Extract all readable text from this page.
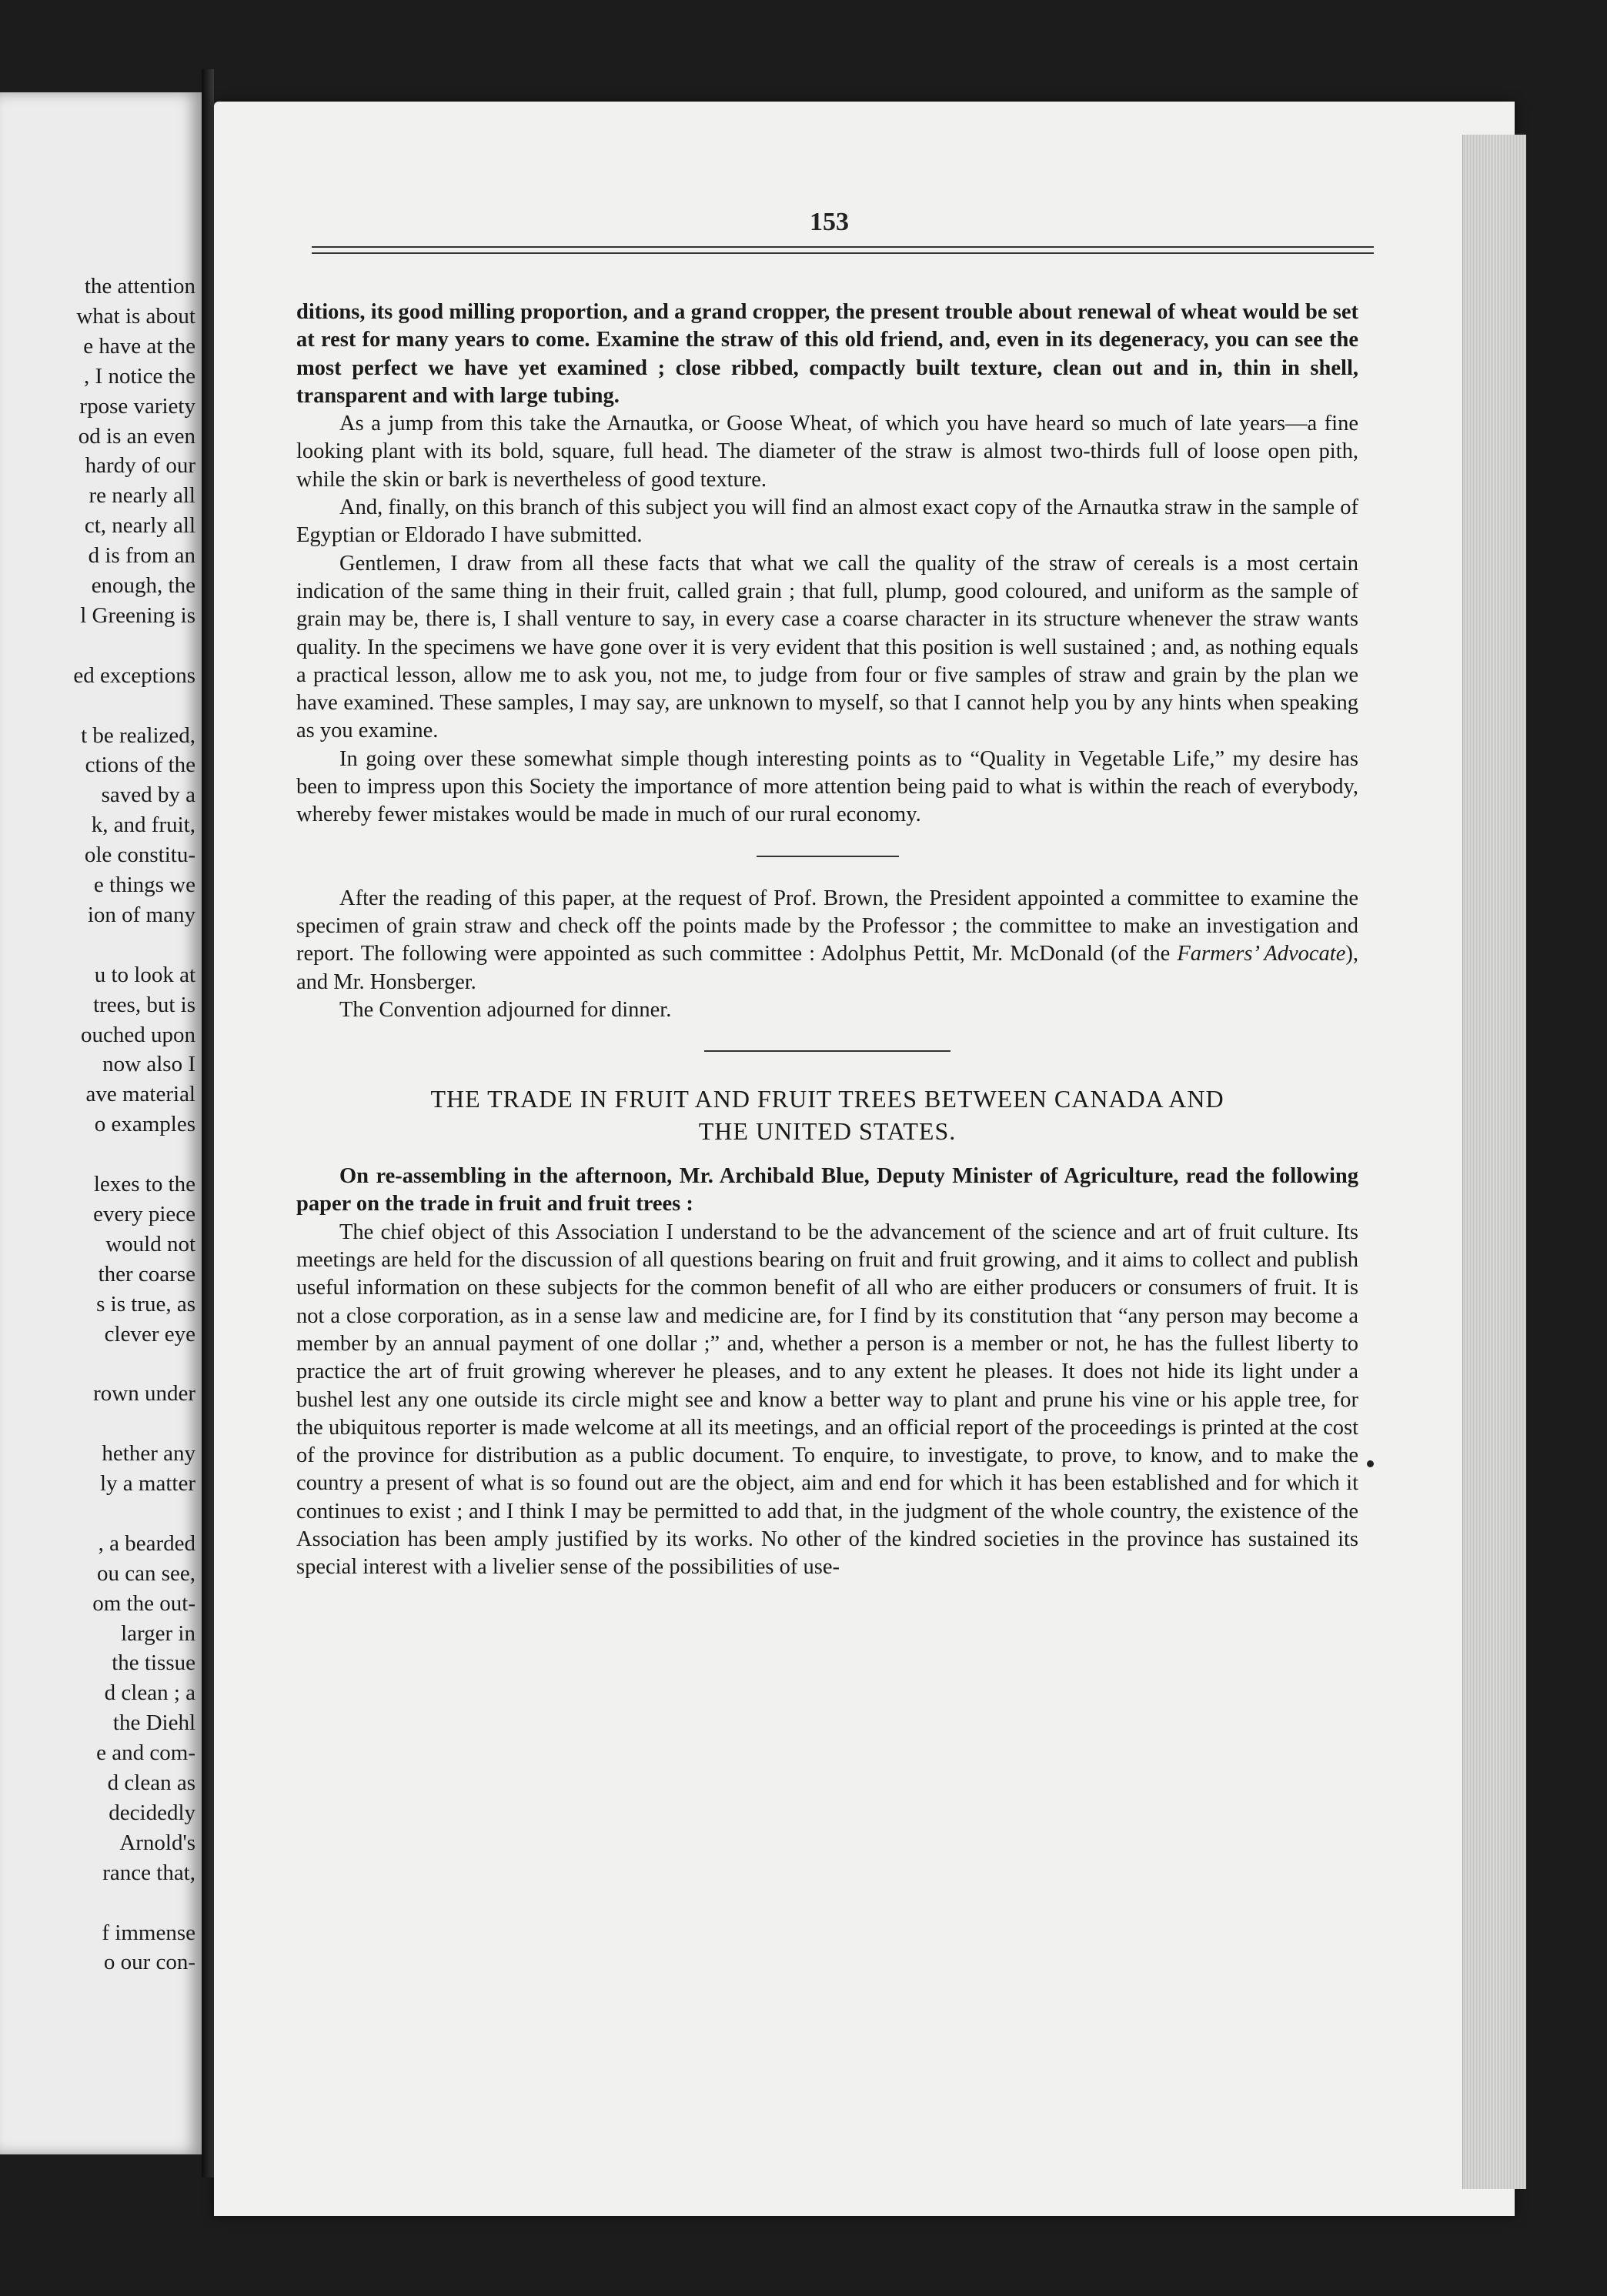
the attention
what is about
e have at the
, I notice the
rpose variety
od is an even
hardy of our
re nearly all
ct, nearly all
d is from an
enough, the
l Greening is
ed exceptions
t be realized,
ctions of the
saved by a
k, and fruit,
ole constitu-
e things we
ion of many
u to look at
trees, but is
ouched upon
now also I
ave material
o examples
lexes to the
every piece
would not
ther coarse
s is true, as
clever eye
rown under
hether any
ly a matter
, a bearded
ou can see,
om the out-
larger in
the tissue
d clean ; a
the Diehl
e and com-
d clean as
decidedly
Arnold's
rance that,
f immense
o our con-
153

ditions, its good milling proportion, and a grand cropper, the present trouble about renewal of wheat would be set at rest for many years to come. Examine the straw of this old friend, and, even in its degeneracy, you can see the most perfect we have yet examined ; close ribbed, compactly built texture, clean out and in, thin in shell, transparent and with large tubing.

As a jump from this take the Arnautka, or Goose Wheat, of which you have heard so much of late years—a fine looking plant with its bold, square, full head. The diameter of the straw is almost two-thirds full of loose open pith, while the skin or bark is nevertheless of good texture.

And, finally, on this branch of this subject you will find an almost exact copy of the Arnautka straw in the sample of Egyptian or Eldorado I have submitted.

Gentlemen, I draw from all these facts that what we call the quality of the straw of cereals is a most certain indication of the same thing in their fruit, called grain ; that full, plump, good coloured, and uniform as the sample of grain may be, there is, I shall venture to say, in every case a coarse character in its structure whenever the straw wants quality. In the specimens we have gone over it is very evident that this position is well sustained ; and, as nothing equals a practical lesson, allow me to ask you, not me, to judge from four or five samples of straw and grain by the plan we have examined. These samples, I may say, are unknown to myself, so that I cannot help you by any hints when speaking as you examine.

In going over these somewhat simple though interesting points as to “Quality in Vegetable Life,” my desire has been to impress upon this Society the importance of more attention being paid to what is within the reach of everybody, whereby fewer mistakes would be made in much of our rural economy.

After the reading of this paper, at the request of Prof. Brown, the President appointed a committee to examine the specimen of grain straw and check off the points made by the Professor ; the committee to make an investigation and report. The following were appointed as such committee : Adolphus Pettit, Mr. McDonald (of the Farmers’ Advocate), and Mr. Honsberger.

The Convention adjourned for dinner.

THE TRADE IN FRUIT AND FRUIT TREES BETWEEN CANADA AND
THE UNITED STATES.

On re-assembling in the afternoon, Mr. Archibald Blue, Deputy Minister of Agriculture, read the following paper on the trade in fruit and fruit trees :

The chief object of this Association I understand to be the advancement of the science and art of fruit culture. Its meetings are held for the discussion of all questions bearing on fruit and fruit growing, and it aims to collect and publish useful information on these subjects for the common benefit of all who are either producers or consumers of fruit. It is not a close corporation, as in a sense law and medicine are, for I find by its constitution that “any person may become a member by an annual payment of one dollar ;” and, whether a person is a member or not, he has the fullest liberty to practice the art of fruit growing wherever he pleases, and to any extent he pleases. It does not hide its light under a bushel lest any one outside its circle might see and know a better way to plant and prune his vine or his apple tree, for the ubiquitous reporter is made welcome at all its meetings, and an official report of the proceedings is printed at the cost of the province for distribution as a public document. To enquire, to investigate, to prove, to know, and to make the country a present of what is so found out are the object, aim and end for which it has been established and for which it continues to exist ; and I think I may be permitted to add that, in the judgment of the whole country, the existence of the Association has been amply justified by its works. No other of the kindred societies in the province has sustained its special interest with a livelier sense of the possibilities of use-
